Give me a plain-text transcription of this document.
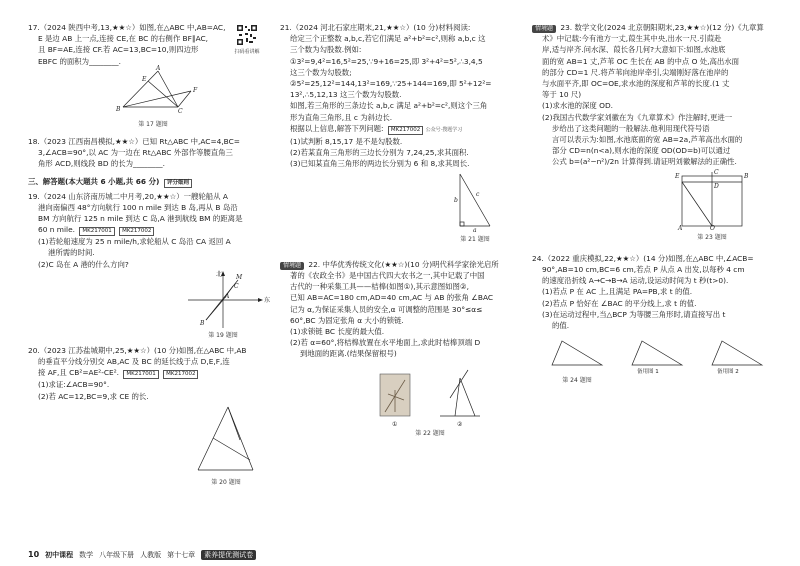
17.（2024 陕西中考,13,★★☆）如图,在△ABC 中,AB=AC,
E 是边 AB 上一点,连接 CE,在 BC 的右侧作 BF∥AC,
且 BF=AE,连接 CF.若 AC=13,BC=10,则四边形
EBFC 的面积为________.
扫码看讲解
A
E
B	C
F
第 17 题图
18.（2023 江西南昌模拟,★★☆）已知 Rt△ABC 中,AC=4,BC=
3,∠ACB=90°,以 AC 为一边在 Rt△ABC 外部作等腰直角三
角形 ACD,则线段 BD 的长为________.
三、解答题(本大题共 6 小题,共 66 分) 评分细则
19.（2024 山东济南历城二中月考,20,★★☆）一艘轮船从 A
港向南偏西 48°方向航行 100 n mile 到达 B 岛,再从 B 岛沿
BM 方向航行 125 n mile 到达 C 岛,A 港到航线 BM 的距离是
60 n mile. MK217001 MK217002
(1)若轮船速度为 25 n mile/h,求轮船从 C 岛沿 CA 返回 A
港所需的时间.
(2)C 岛在 A 港的什么方向?
北
东
A
B
C
M
第 19 题图
20.（2023 江苏盐城期中,25,★★☆）(10 分)如图,在△ABC 中,AB
的垂直平分线分别交 AB,AC 及 BC 的延长线于点 D,E,F,连
接 AF,且 CB²=AE²-CE². MK217001 MK217002
(1)求证:∠ACB=90°.
(2)若 AC=12,BC=9,求 CE 的长.
第 20 题图
21.（2024 河北石家庄期末,21,★★☆）(10 分)材料阅读:
给定三个正整数 a,b,c,若它们满足 a²+b²=c²,则称 a,b,c 这
三个数为勾股数.例如:
①3²=9,4²=16,5²=25,∵9+16=25,即 3²+4²=5²,∴3,4,5
这三个数为勾股数;
②5²=25,12²=144,13²=169,∵25+144=169,即 5²+12²=
13²,∴5,12,13 这三个数为勾股数.
如图,若三角形的三条边长 a,b,c 满足 a²+b²=c²,则这个三角
形为直角三角形,且 c 为斜边长.
根据以上信息,解答下列问题: MK217002 公众号·搜题学习
(1)试判断 8,15,17 是不是勾股数.
(2)若某直角三角形的三边长分别为 7,24,25,求其面积.
(3)已知某直角三角形的两边长分别为 6 和 8,求其周长.
b
c
a
第 21 题图
情境题 22. 中华优秀传统文化(★★☆)(10 分)明代科学家徐光启所
著的《农政全书》是中国古代四大农书之一,其中记载了中国
古代的一种采集工具——桔槔(如图①),其示意图如图②,
已知 AB=AC=180 cm,AD=40 cm,AC 与 AB 的张角 ∠BAC
记为 α,为保证采集人员的安全,α 可调整的范围是 30°≤α≤
60°,BC 为固定张角 α 大小的锁链.
(1)求锁链 BC 长度的最大值.
(2)若 α=60°,将桔槔放置在水平地面上,求此时桔槔顶端 D
到地面的距离.(结果保留根号)
①	②
第 22 题图
情境题 23. 数学文化(2024 北京朝阳期末,23,★★☆)(12 分)《九章算
术》中记载:今有池方一丈,葭生其中央,出水一尺.引葭赴
岸,适与岸齐.问水深、葭长各几何?大意如下:如图,水池底
面的宽 AB=1 丈,芦苇 OC 生长在 AB 的中点 O 处,高出水面
的部分 CD=1 尺.将芦苇向池岸牵引,尖端刚好落在池岸的
与水面平齐,即 OC=OE,求水池的深度和芦苇的长度.(1 丈
等于 10 尺)
(1)求水池的深度 OD.
(2)我国古代数学家刘徽在为《九章算术》作注解时,更进一
步给出了这类问题的一般解法.他利用现代符号语
言可以表示为:如图,水池底面的宽 AB=2a,芦苇高出水面的
部分 CD=n(n<a),则水池的深度 OD(OD=b)可以通过
公式 b=(a²−n²)/2n 计算得到.请证明刘徽解法的正确性.
E	B
C
D
A	O
第 23 题图
24.（2022 重庆模拟,22,★★☆）(14 分)如图,在△ABC 中,∠ACB=
90°,AB=10 cm,BC=6 cm,若点 P 从点 A 出发,以每秒 4 cm
的速度沿折线 A→C→B→A 运动,设运动时间为 t 秒(t>0).
(1)若点 P 在 AC 上,且满足 PA=PB,求 t 的值.
(2)若点 P 恰好在 ∠BAC 的平分线上,求 t 的值.
(3)在运动过程中,当△BCP 为等腰三角形时,请直接写出 t
的值.
备用图 1	备用图 2
第 24 题图
10 初中课程 数学 八年级下册 人教版 第十七章	素养提优测试卷
